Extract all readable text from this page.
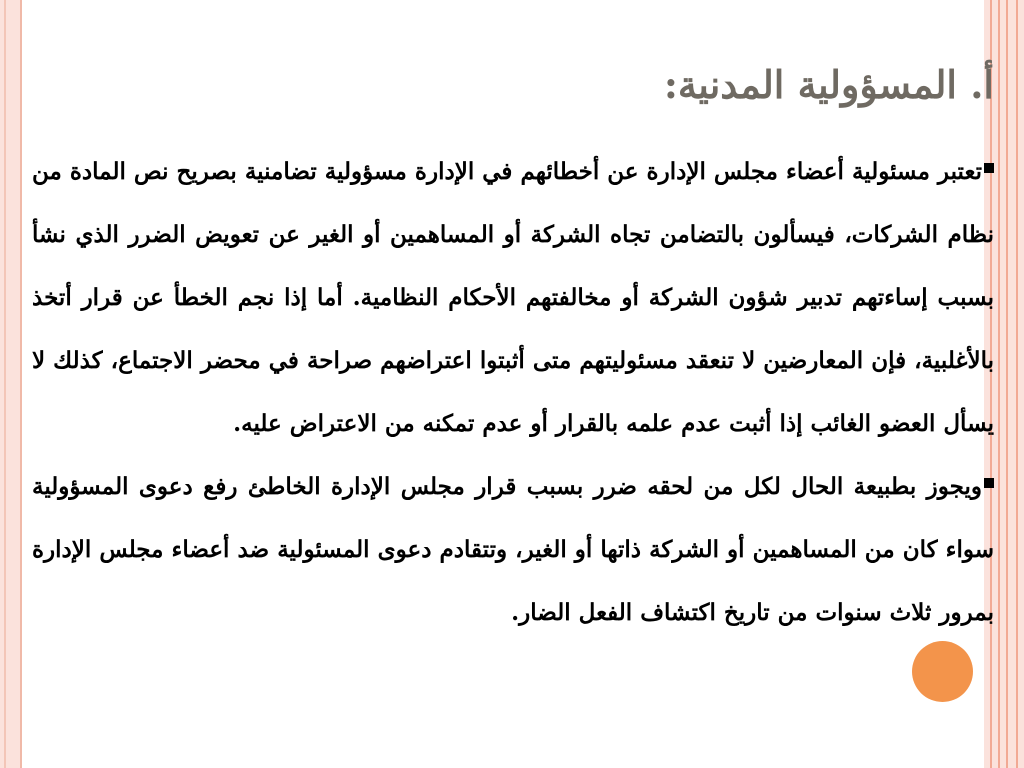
أ. المسؤولية المدنية:

تعتبر مسئولية أعضاء مجلس الإدارة عن أخطائهم في الإدارة مسؤولية تضامنية بصريح نص المادة من نظام الشركات، فيسألون بالتضامن تجاه الشركة أو المساهمين أو الغير عن تعويض الضرر الذي نشأ بسبب إساءتهم تدبير شؤون الشركة أو مخالفتهم الأحكام النظامية. أما إذا نجم الخطأ عن قرار أتخذ بالأغلبية، فإن المعارضين لا تنعقد مسئوليتهم متى أثبتوا اعتراضهم صراحة في محضر الاجتماع، كذلك لا يسأل العضو الغائب إذا أثبت عدم علمه بالقرار أو عدم تمكنه من الاعتراض عليه.

ويجوز بطبيعة الحال لكل من لحقه ضرر بسبب قرار مجلس الإدارة الخاطئ رفع دعوى المسؤولية سواء كان من المساهمين أو الشركة ذاتها أو الغير، وتتقادم دعوى المسئولية ضد أعضاء مجلس الإدارة بمرور ثلاث سنوات من تاريخ اكتشاف الفعل الضار.
